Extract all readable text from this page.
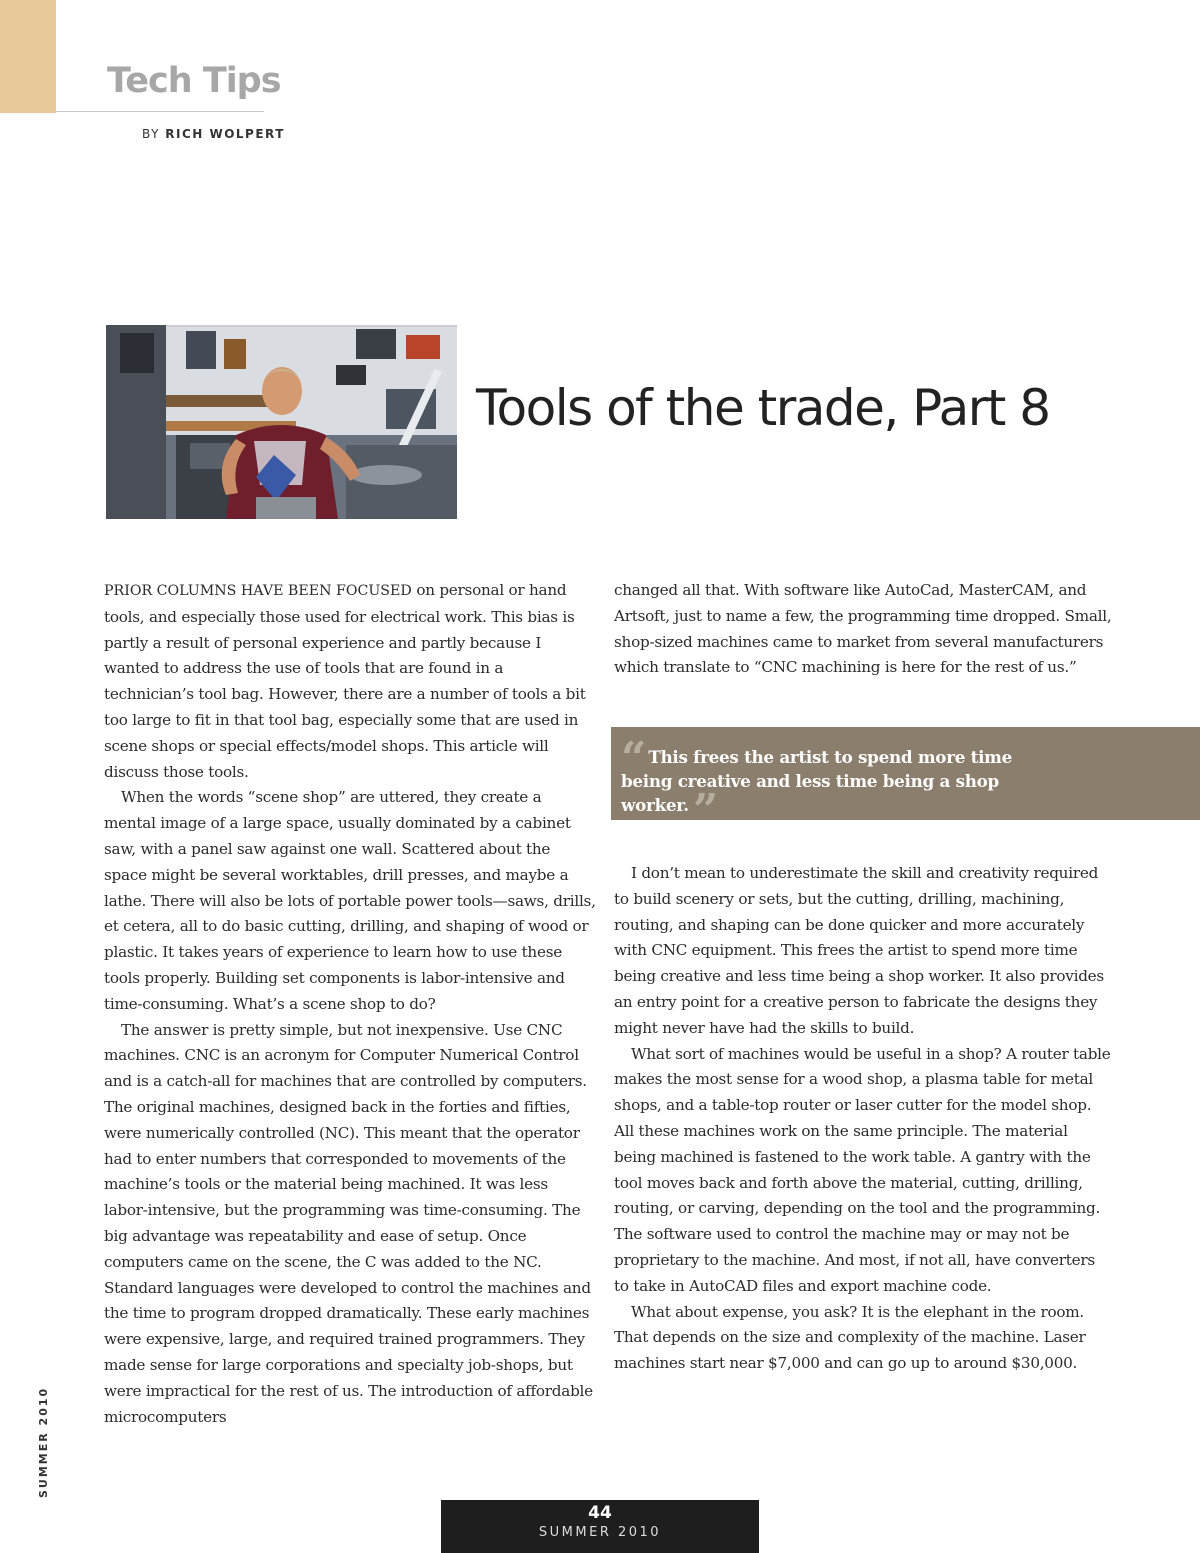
Tech Tips
BY RICH WOLPERT
Tools of the trade, Part 8

PRIOR COLUMNS HAVE BEEN FOCUSED on personal or hand tools, and especially those used for electrical work. This bias is partly a result of personal experience and partly because I wanted to address the use of tools that are found in a technician’s tool bag. However, there are a number of tools a bit too large to fit in that tool bag, especially some that are used in scene shops or special effects/model shops. This article will discuss those tools.

When the words “scene shop” are uttered, they create a mental image of a large space, usually dominated by a cabinet saw, with a panel saw against one wall. Scattered about the space might be several worktables, drill presses, and maybe a lathe. There will also be lots of portable power tools—saws, drills, et cetera, all to do basic cutting, drilling, and shaping of wood or plastic. It takes years of experience to learn how to use these tools properly. Building set components is labor-intensive and time-consuming. What’s a scene shop to do?

The answer is pretty simple, but not inexpensive. Use CNC machines. CNC is an acronym for Computer Numerical Control and is a catch-all for machines that are controlled by computers. The original machines, designed back in the forties and fifties, were numerically controlled (NC). This meant that the operator had to enter numbers that corresponded to movements of the machine’s tools or the material being machined. It was less labor-intensive, but the programming was time-consuming. The big advantage was repeatability and ease of setup. Once computers came on the scene, the C was added to the NC. Standard languages were developed to control the machines and the time to program dropped dramatically. These early machines were expensive, large, and required trained programmers. They made sense for large corporations and specialty job-shops, but were impractical for the rest of us. The introduction of affordable microcomputers

changed all that. With software like AutoCad, MasterCAM, and Artsoft, just to name a few, the programming time dropped. Small, shop-sized machines came to market from several manufacturers which translate to “CNC machining is here for the rest of us.”

“ This frees the artist to spend more time being creative and less time being a shop worker.”

I don’t mean to underestimate the skill and creativity required to build scenery or sets, but the cutting, drilling, machining, routing, and shaping can be done quicker and more accurately with CNC equipment. This frees the artist to spend more time being creative and less time being a shop worker. It also provides an entry point for a creative person to fabricate the designs they might never have had the skills to build.

What sort of machines would be useful in a shop? A router table makes the most sense for a wood shop, a plasma table for metal shops, and a table-top router or laser cutter for the model shop. All these machines work on the same principle. The material being machined is fastened to the work table. A gantry with the tool moves back and forth above the material, cutting, drilling, routing, or carving, depending on the tool and the programming. The software used to control the machine may or may not be proprietary to the machine. And most, if not all, have converters to take in AutoCAD files and export machine code.

What about expense, you ask? It is the elephant in the room. That depends on the size and complexity of the machine. Laser machines start near $7,000 and can go up to around $30,000.

SUMMER 2010
44
SUMMER 2010
